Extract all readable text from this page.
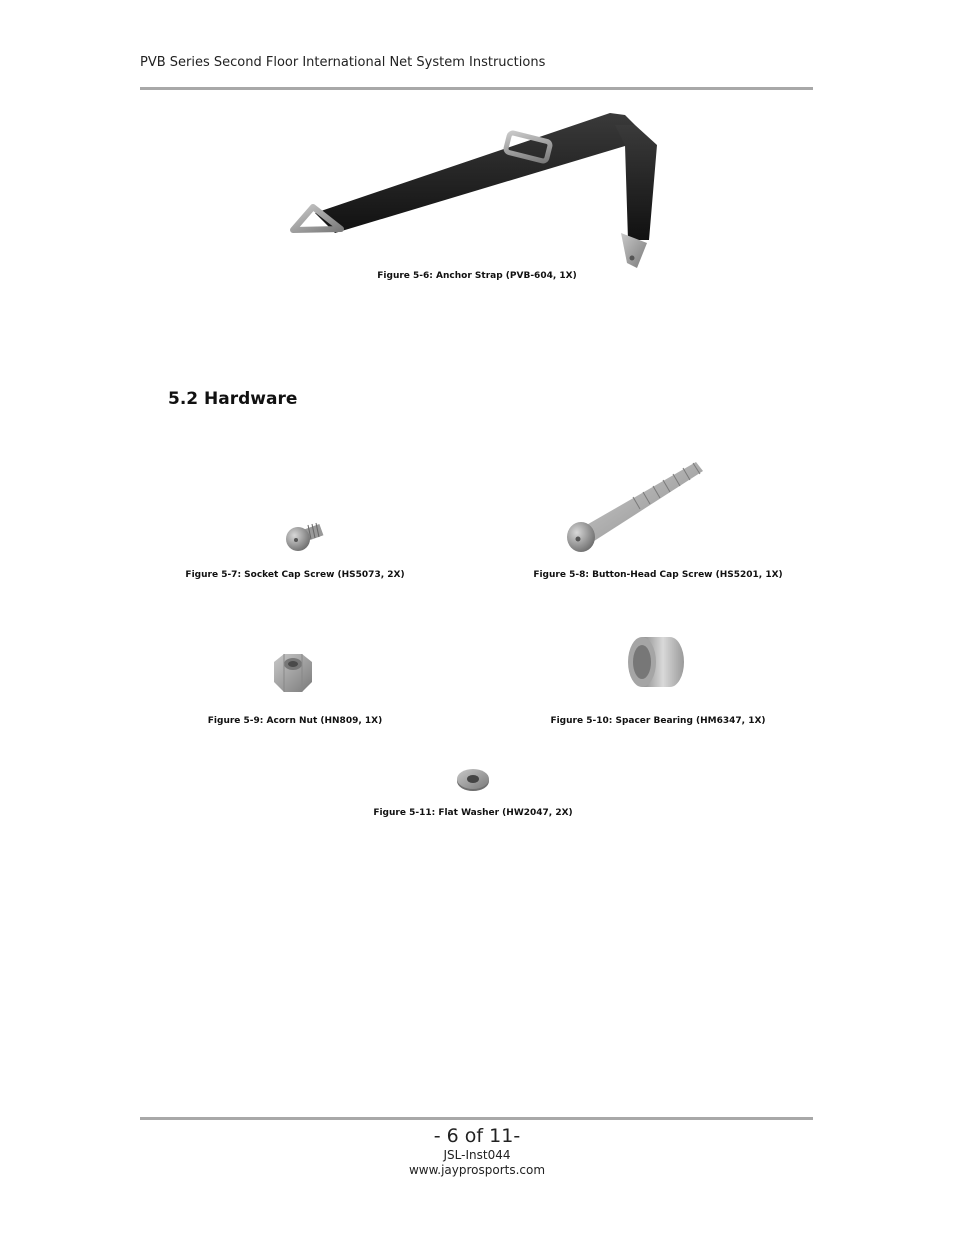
PVB Series Second Floor International Net System Instructions
Figure 5-6: Anchor Strap (PVB-604, 1X)
5.2 Hardware
Figure 5-7: Socket Cap Screw (HS5073, 2X)	Figure 5-8: Button-Head Cap Screw (HS5201, 1X)
Figure 5-9: Acorn Nut (HN809, 1X)	Figure 5-10: Spacer Bearing (HM6347, 1X)
Figure 5-11: Flat Washer (HW2047, 2X)
- 6 of 11-
JSL-Inst044
www.jayprosports.com
